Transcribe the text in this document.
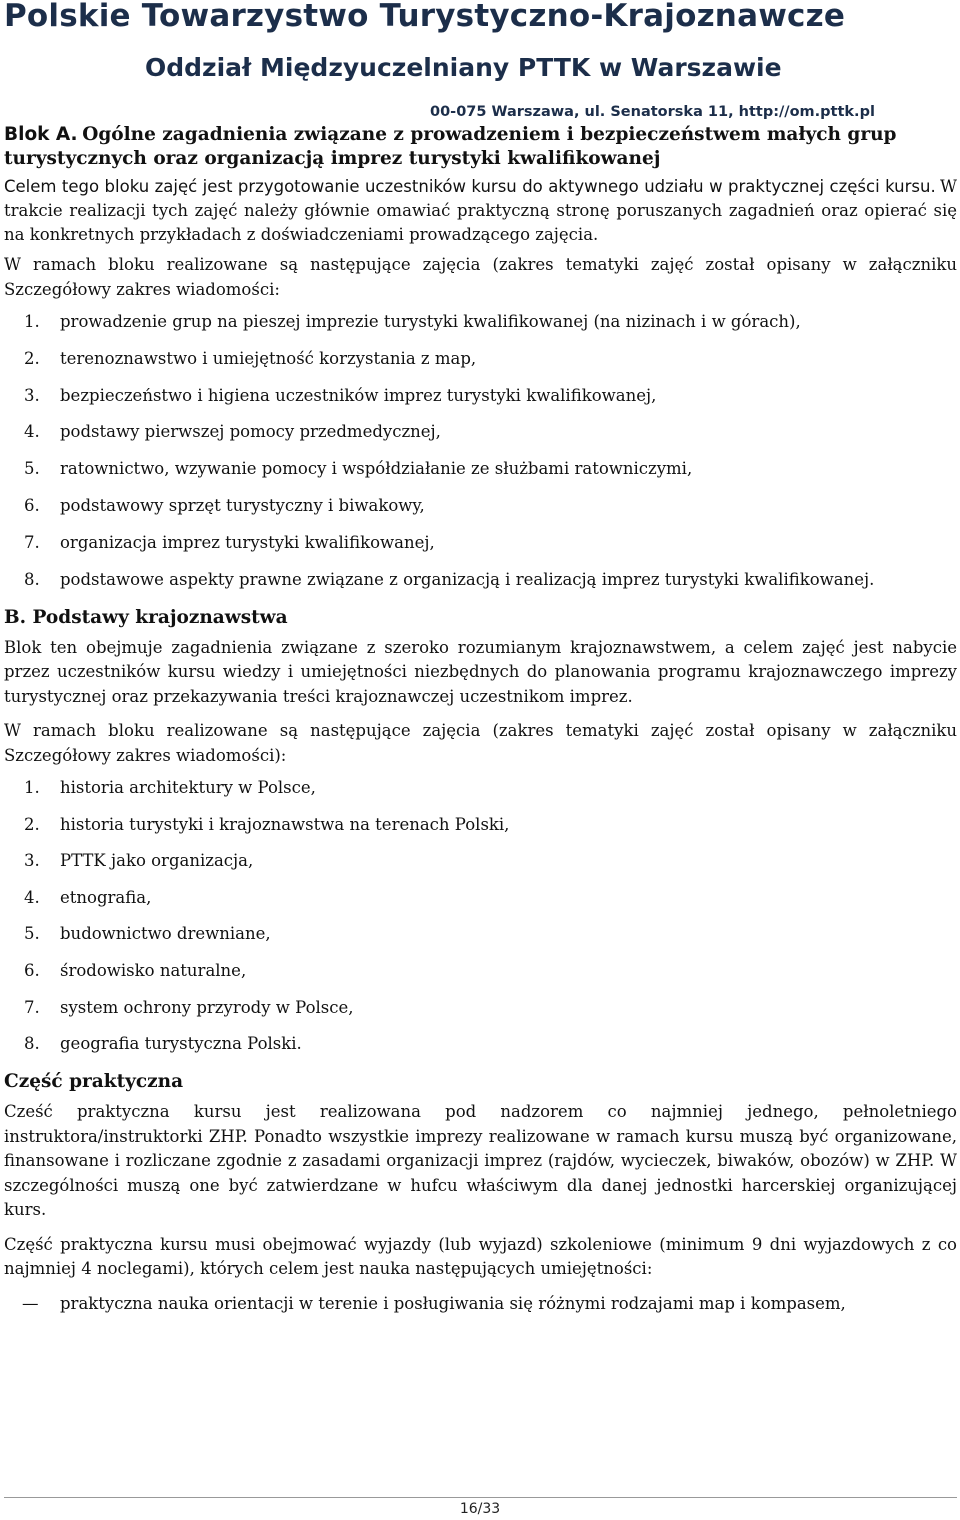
Polskie Towarzystwo Turystyczno-Krajoznawcze
Oddział Międzyuczelniany PTTK w Warszawie
00-075 Warszawa, ul. Senatorska 11, http://om.pttk.pl

Blok A. Ogólne zagadnienia związane z prowadzeniem i bezpieczeństwem małych grup turystycznych oraz organizacją imprez turystyki kwalifikowanej

Celem tego bloku zajęć jest przygotowanie uczestników kursu do aktywnego udziału w praktycznej części kursu. W trakcie realizacji tych zajęć należy głównie omawiać praktyczną stronę poruszanych zagadnień oraz opierać się na konkretnych przykładach z doświadczeniami prowadzącego zajęcia.

W ramach bloku realizowane są następujące zajęcia (zakres tematyki zajęć został opisany w załączniku Szczegółowy zakres wiadomości:

1. prowadzenie grup na pieszej imprezie turystyki kwalifikowanej (na nizinach i w górach),
2. terenoznawstwo i umiejętność korzystania z map,
3. bezpieczeństwo i higiena uczestników imprez turystyki kwalifikowanej,
4. podstawy pierwszej pomocy przedmedycznej,
5. ratownictwo, wzywanie pomocy i współdziałanie ze służbami ratowniczymi,
6. podstawowy sprzęt turystyczny i biwakowy,
7. organizacja imprez turystyki kwalifikowanej,
8. podstawowe aspekty prawne związane z organizacją i realizacją imprez turystyki kwalifikowanej.
B. Podstawy krajoznawstwa

Blok ten obejmuje zagadnienia związane z szeroko rozumianym krajoznawstwem, a celem zajęć jest nabycie przez uczestników kursu wiedzy i umiejętności niezbędnych do planowania programu krajoznawczego imprezy turystycznej oraz przekazywania treści krajoznawczej uczestnikom imprez.

W ramach bloku realizowane są następujące zajęcia (zakres tematyki zajęć został opisany w załączniku Szczegółowy zakres wiadomości):

1. historia architektury w Polsce,
2. historia turystyki i krajoznawstwa na terenach Polski,
3. PTTK jako organizacja,
4. etnografia,
5. budownictwo drewniane,
6. środowisko naturalne,
7. system ochrony przyrody w Polsce,
8. geografia turystyczna Polski.
Część praktyczna

Cześć praktyczna kursu jest realizowana pod nadzorem co najmniej jednego, pełnoletniego instruktora/instruktorki ZHP. Ponadto wszystkie imprezy realizowane w ramach kursu muszą być organizowane, finansowane i rozliczane zgodnie z zasadami organizacji imprez (rajdów, wycieczek, biwaków, obozów) w ZHP. W szczególności muszą one być zatwierdzane w hufcu właściwym dla danej jednostki harcerskiej organizującej kurs.

Część praktyczna kursu musi obejmować wyjazdy (lub wyjazd) szkoleniowe (minimum 9 dni wyjazdowych z co najmniej 4 noclegami), których celem jest nauka następujących umiejętności:

— praktyczna nauka orientacji w terenie i posługiwania się różnymi rodzajami map i kompasem,
16/33
